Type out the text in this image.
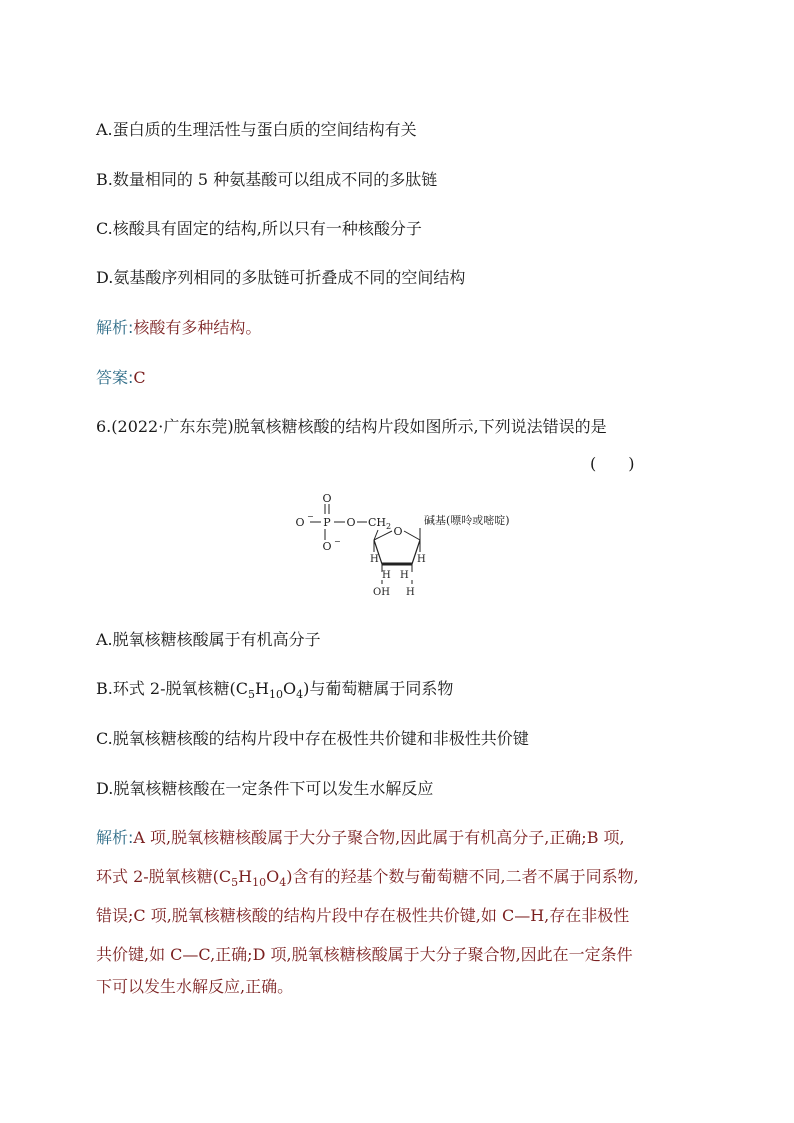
A.蛋白质的生理活性与蛋白质的空间结构有关
B.数量相同的 5 种氨基酸可以组成不同的多肽链
C.核酸具有固定的结构,所以只有一种核酸分子
D.氨基酸序列相同的多肽链可折叠成不同的空间结构
解析:核酸有多种结构。
答案:C
6.(2022·广东东莞)脱氧核糖核酸的结构片段如图所示,下列说法错误的是
(　　)
O
O − P O $CH_2$
O −
O
碱基(嘌呤或嘧啶)
H	H
H H
OH H
A.脱氧核糖核酸属于有机高分子
B.环式 2-脱氧核糖$(C_5H_{10}O_4)$与葡萄糖属于同系物
C.脱氧核糖核酸的结构片段中存在极性共价键和非极性共价键
D.脱氧核糖核酸在一定条件下可以发生水解反应
解析:A 项,脱氧核糖核酸属于大分子聚合物,因此属于有机高分子,正确;B 项,
环式 2-脱氧核糖$(C_5H_{10}O_4)$含有的羟基个数与葡萄糖不同,二者不属于同系物,
错误;C 项,脱氧核糖核酸的结构片段中存在极性共价键,如 C—H,存在非极性
共价键,如 C—C,正确;D 项,脱氧核糖核酸属于大分子聚合物,因此在一定条件
下可以发生水解反应,正确。
